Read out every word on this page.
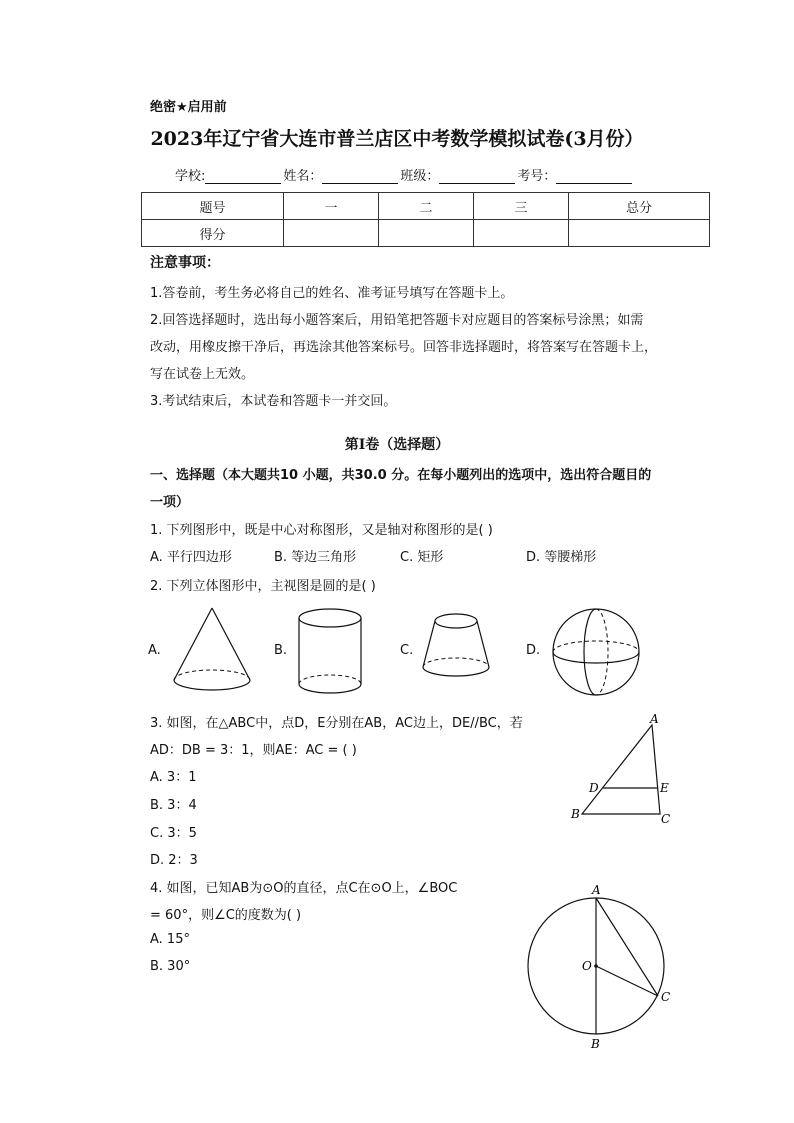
绝密★启用前
2023年辽宁省大连市普兰店区中考数学模拟试卷(3月份）
学校:	姓名：	班级：	考号：
题号	一	二	三	总分
得分				
注意事项：
1.答卷前，考生务必将自己的姓名、准考证号填写在答题卡上。
2.回答选择题时，选出每小题答案后，用铅笔把答题卡对应题目的答案标号涂黑；如需
改动，用橡皮擦干净后，再选涂其他答案标号。回答非选择题时，将答案写在答题卡上，
写在试卷上无效。
3.考试结束后，本试卷和答题卡一并交回。
第Ⅰ卷（选择题）
一、选择题（本大题共10 小题，共30.0 分。在每小题列出的选项中，选出符合题目的
一项）
1. 下列图形中，既是中心对称图形，又是轴对称图形的是( )
A. 平行四边形	B. 等边三角形	C. 矩形	D. 等腰梯形
2. 下列立体图形中，主视图是圆的是( )
A.	B.	C.	D.
3. 如图，在△ABC中，点D，E分别在AB，AC边上，DE//BC，若
AD：DB = 3：1，则AE：AC = ( )
A. 3：1
B. 3：4
C. 3：5
D. 2：3
A
D	E
B	C
4. 如图，已知AB为⊙O的直径，点C在⊙O上，∠BOC
= 60°，则∠C的度数为( )
A. 15°
B. 30°
A
O
C
B
